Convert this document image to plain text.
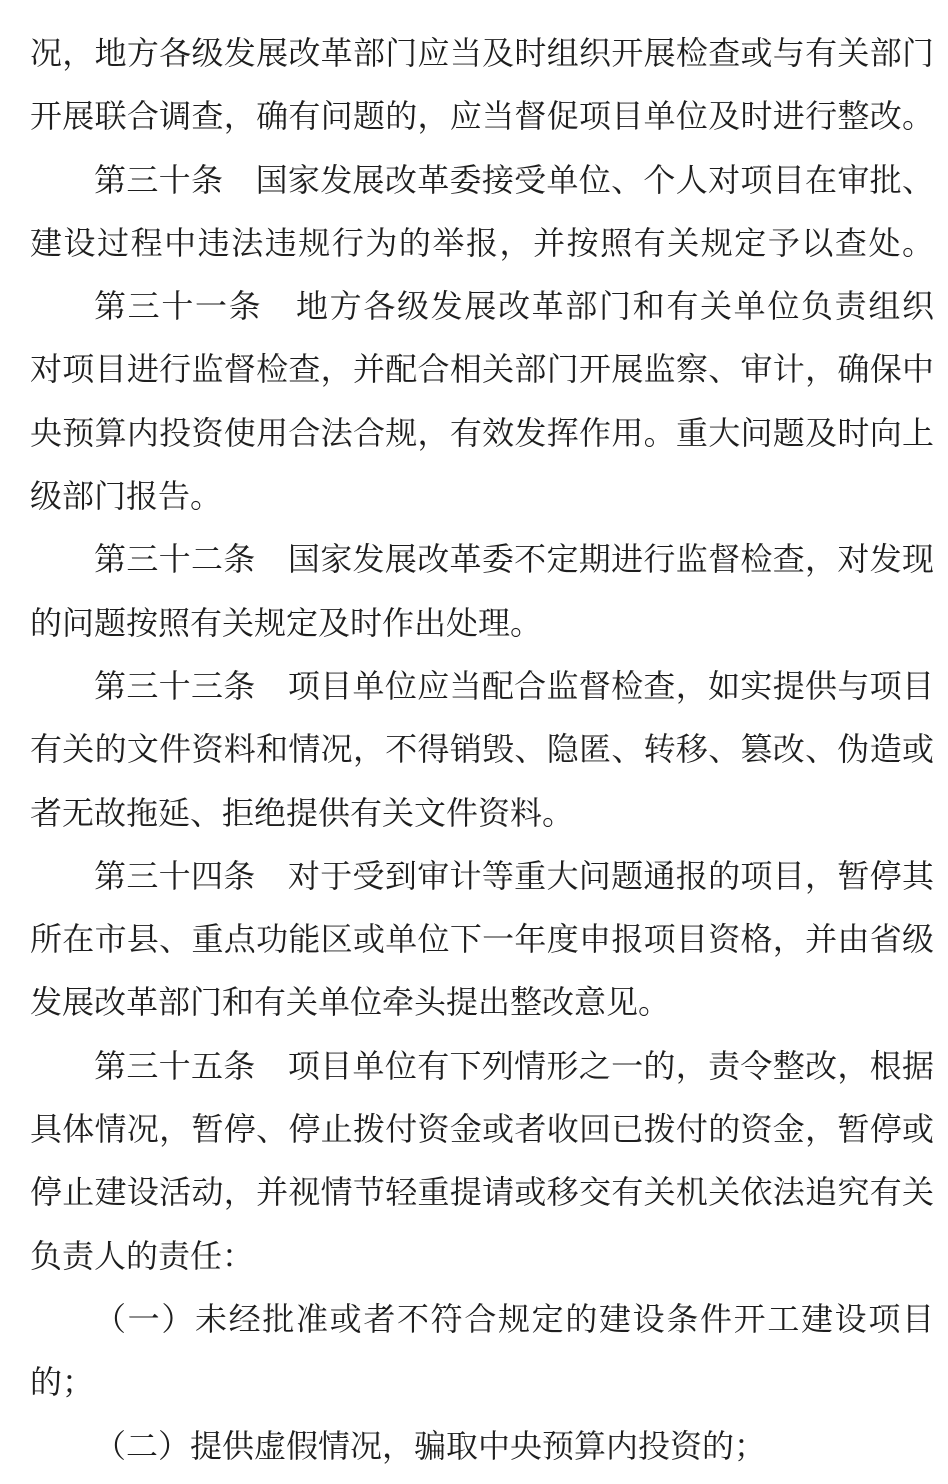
况，地方各级发展改革部门应当及时组织开展检查或与有关部门
开展联合调查，确有问题的，应当督促项目单位及时进行整改。
第三十条　国家发展改革委接受单位、个人对项目在审批、
建设过程中违法违规行为的举报，并按照有关规定予以查处。
第三十一条　地方各级发展改革部门和有关单位负责组织
对项目进行监督检查，并配合相关部门开展监察、审计，确保中
央预算内投资使用合法合规，有效发挥作用。重大问题及时向上
级部门报告。
第三十二条　国家发展改革委不定期进行监督检查，对发现
的问题按照有关规定及时作出处理。
第三十三条　项目单位应当配合监督检查，如实提供与项目
有关的文件资料和情况，不得销毁、隐匿、转移、篡改、伪造或
者无故拖延、拒绝提供有关文件资料。
第三十四条　对于受到审计等重大问题通报的项目，暂停其
所在市县、重点功能区或单位下一年度申报项目资格，并由省级
发展改革部门和有关单位牵头提出整改意见。
第三十五条　项目单位有下列情形之一的，责令整改，根据
具体情况，暂停、停止拨付资金或者收回已拨付的资金，暂停或
停止建设活动，并视情节轻重提请或移交有关机关依法追究有关
负责人的责任：
（一）未经批准或者不符合规定的建设条件开工建设项目
的；
（二）提供虚假情况，骗取中央预算内投资的；
